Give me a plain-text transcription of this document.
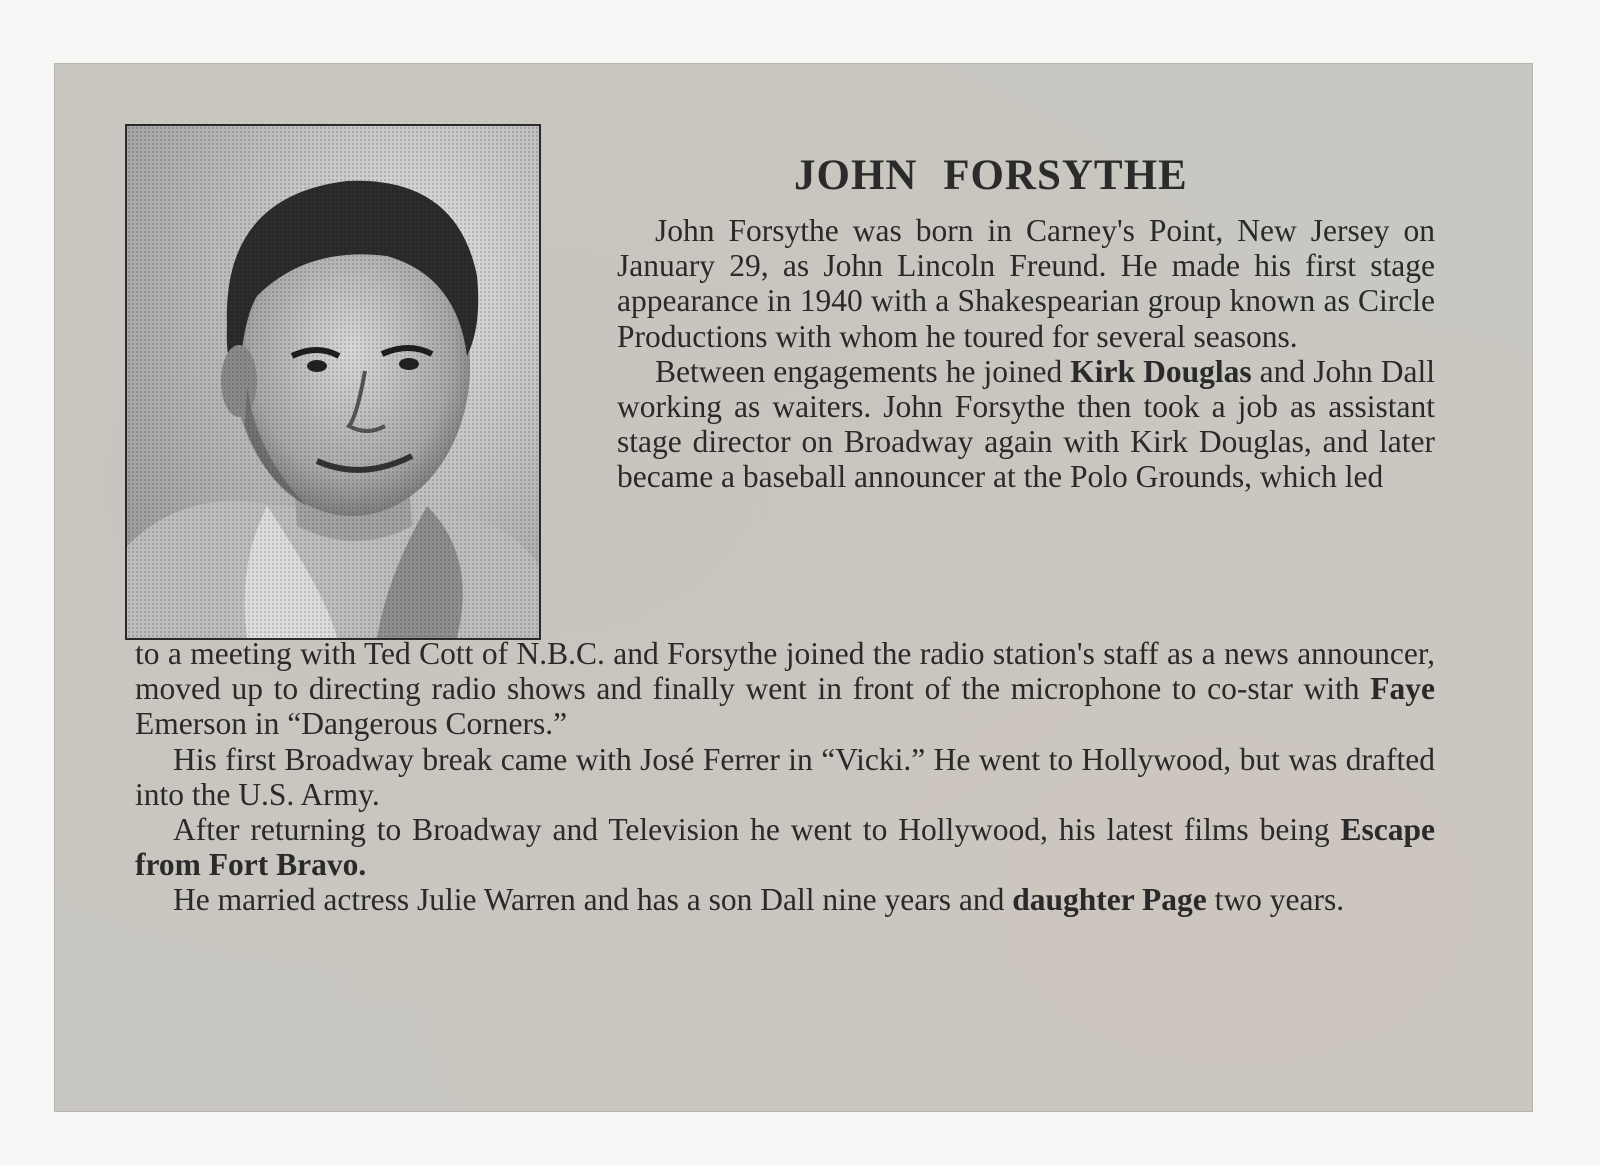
JOHN FORSYTHE

John Forsythe was born in Carney's Point, New Jersey on January 29, as John Lincoln Freund. He made his first stage appearance in 1940 with a Shakespearian group known as Circle Productions with whom he toured for several seasons.

Between engagements he joined Kirk Douglas and John Dall working as waiters. John Forsythe then took a job as assistant stage director on Broadway again with Kirk Douglas, and later became a baseball announcer at the Polo Grounds, which led

to a meeting with Ted Cott of N.B.C. and Forsythe joined the radio station's staff as a news announcer, moved up to directing radio shows and finally went in front of the microphone to co-star with Faye Emerson in “Dangerous Corners.”

His first Broadway break came with José Ferrer in “Vicki.” He went to Hollywood, but was drafted into the U.S. Army.

After returning to Broadway and Television he went to Hollywood, his latest films being Escape from Fort Bravo.

He married actress Julie Warren and has a son Dall nine years and daughter Page two years.
